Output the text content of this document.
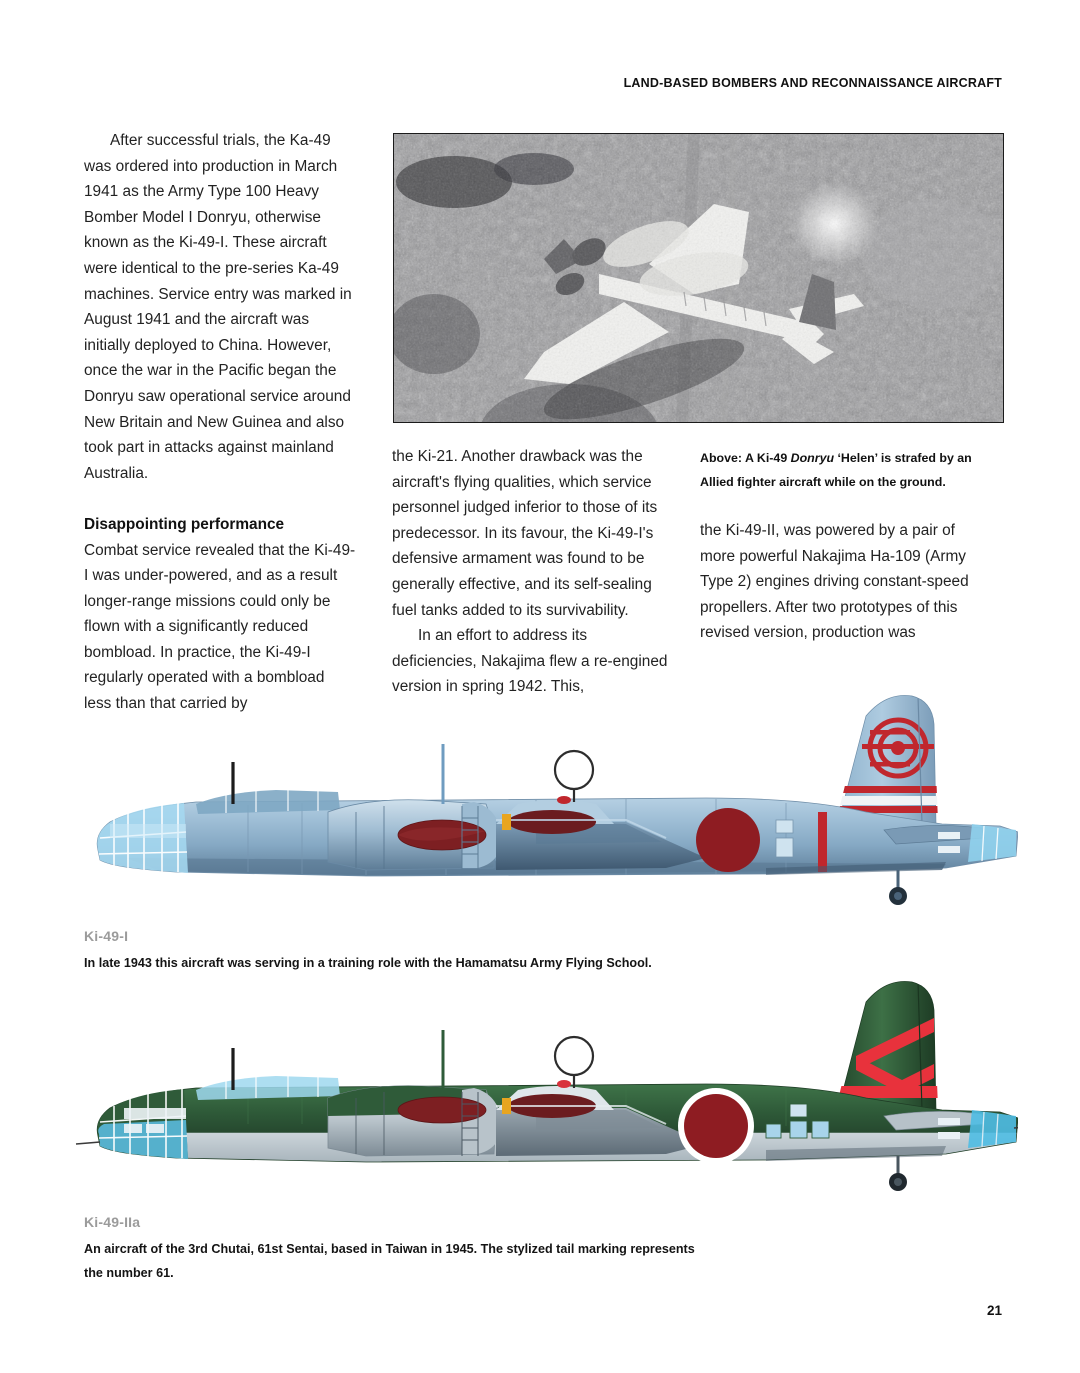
LAND-BASED BOMBERS AND RECONNAISSANCE AIRCRAFT
Above: A Ki-49 Donryu ‘Helen’ is strafed by an Allied fighter aircraft while on the ground.

After successful trials, the Ka-49 was ordered into production in March 1941 as the Army Type 100 Heavy Bomber Model I Donryu, otherwise known as the Ki-49-I. These aircraft were identical to the pre-series Ka-49 machines. Service entry was marked in August 1941 and the aircraft was initially deployed to China. However, once the war in the Pacific began the Donryu saw operational service around New Britain and New Guinea and also took part in attacks against mainland Australia.

Disappointing performance

Combat service revealed that the Ki-49-I was under-powered, and as a result longer-range missions could only be flown with a significantly reduced bombload. In practice, the Ki-49-I regularly operated with a bombload less than that carried by

the Ki-21. Another drawback was the aircraft's flying qualities, which service personnel judged inferior to those of its predecessor. In its favour, the Ki-49-I's defensive armament was found to be generally effective, and its self-sealing fuel tanks added to its survivability.

In an effort to address its deficiencies, Nakajima flew a re-engined version in spring 1942. This,

the Ki-49-II, was powered by a pair of more powerful Nakajima Ha-109 (Army Type 2) engines driving constant-speed propellers. After two prototypes of this revised version, production was

Ki-49-I
In late 1943 this aircraft was serving in a training role with the Hamamatsu Army Flying School.
Ki-49-IIa
An aircraft of the 3rd Chutai, 61st Sentai, based in Taiwan in 1945. The stylized tail marking represents the number 61.
21
